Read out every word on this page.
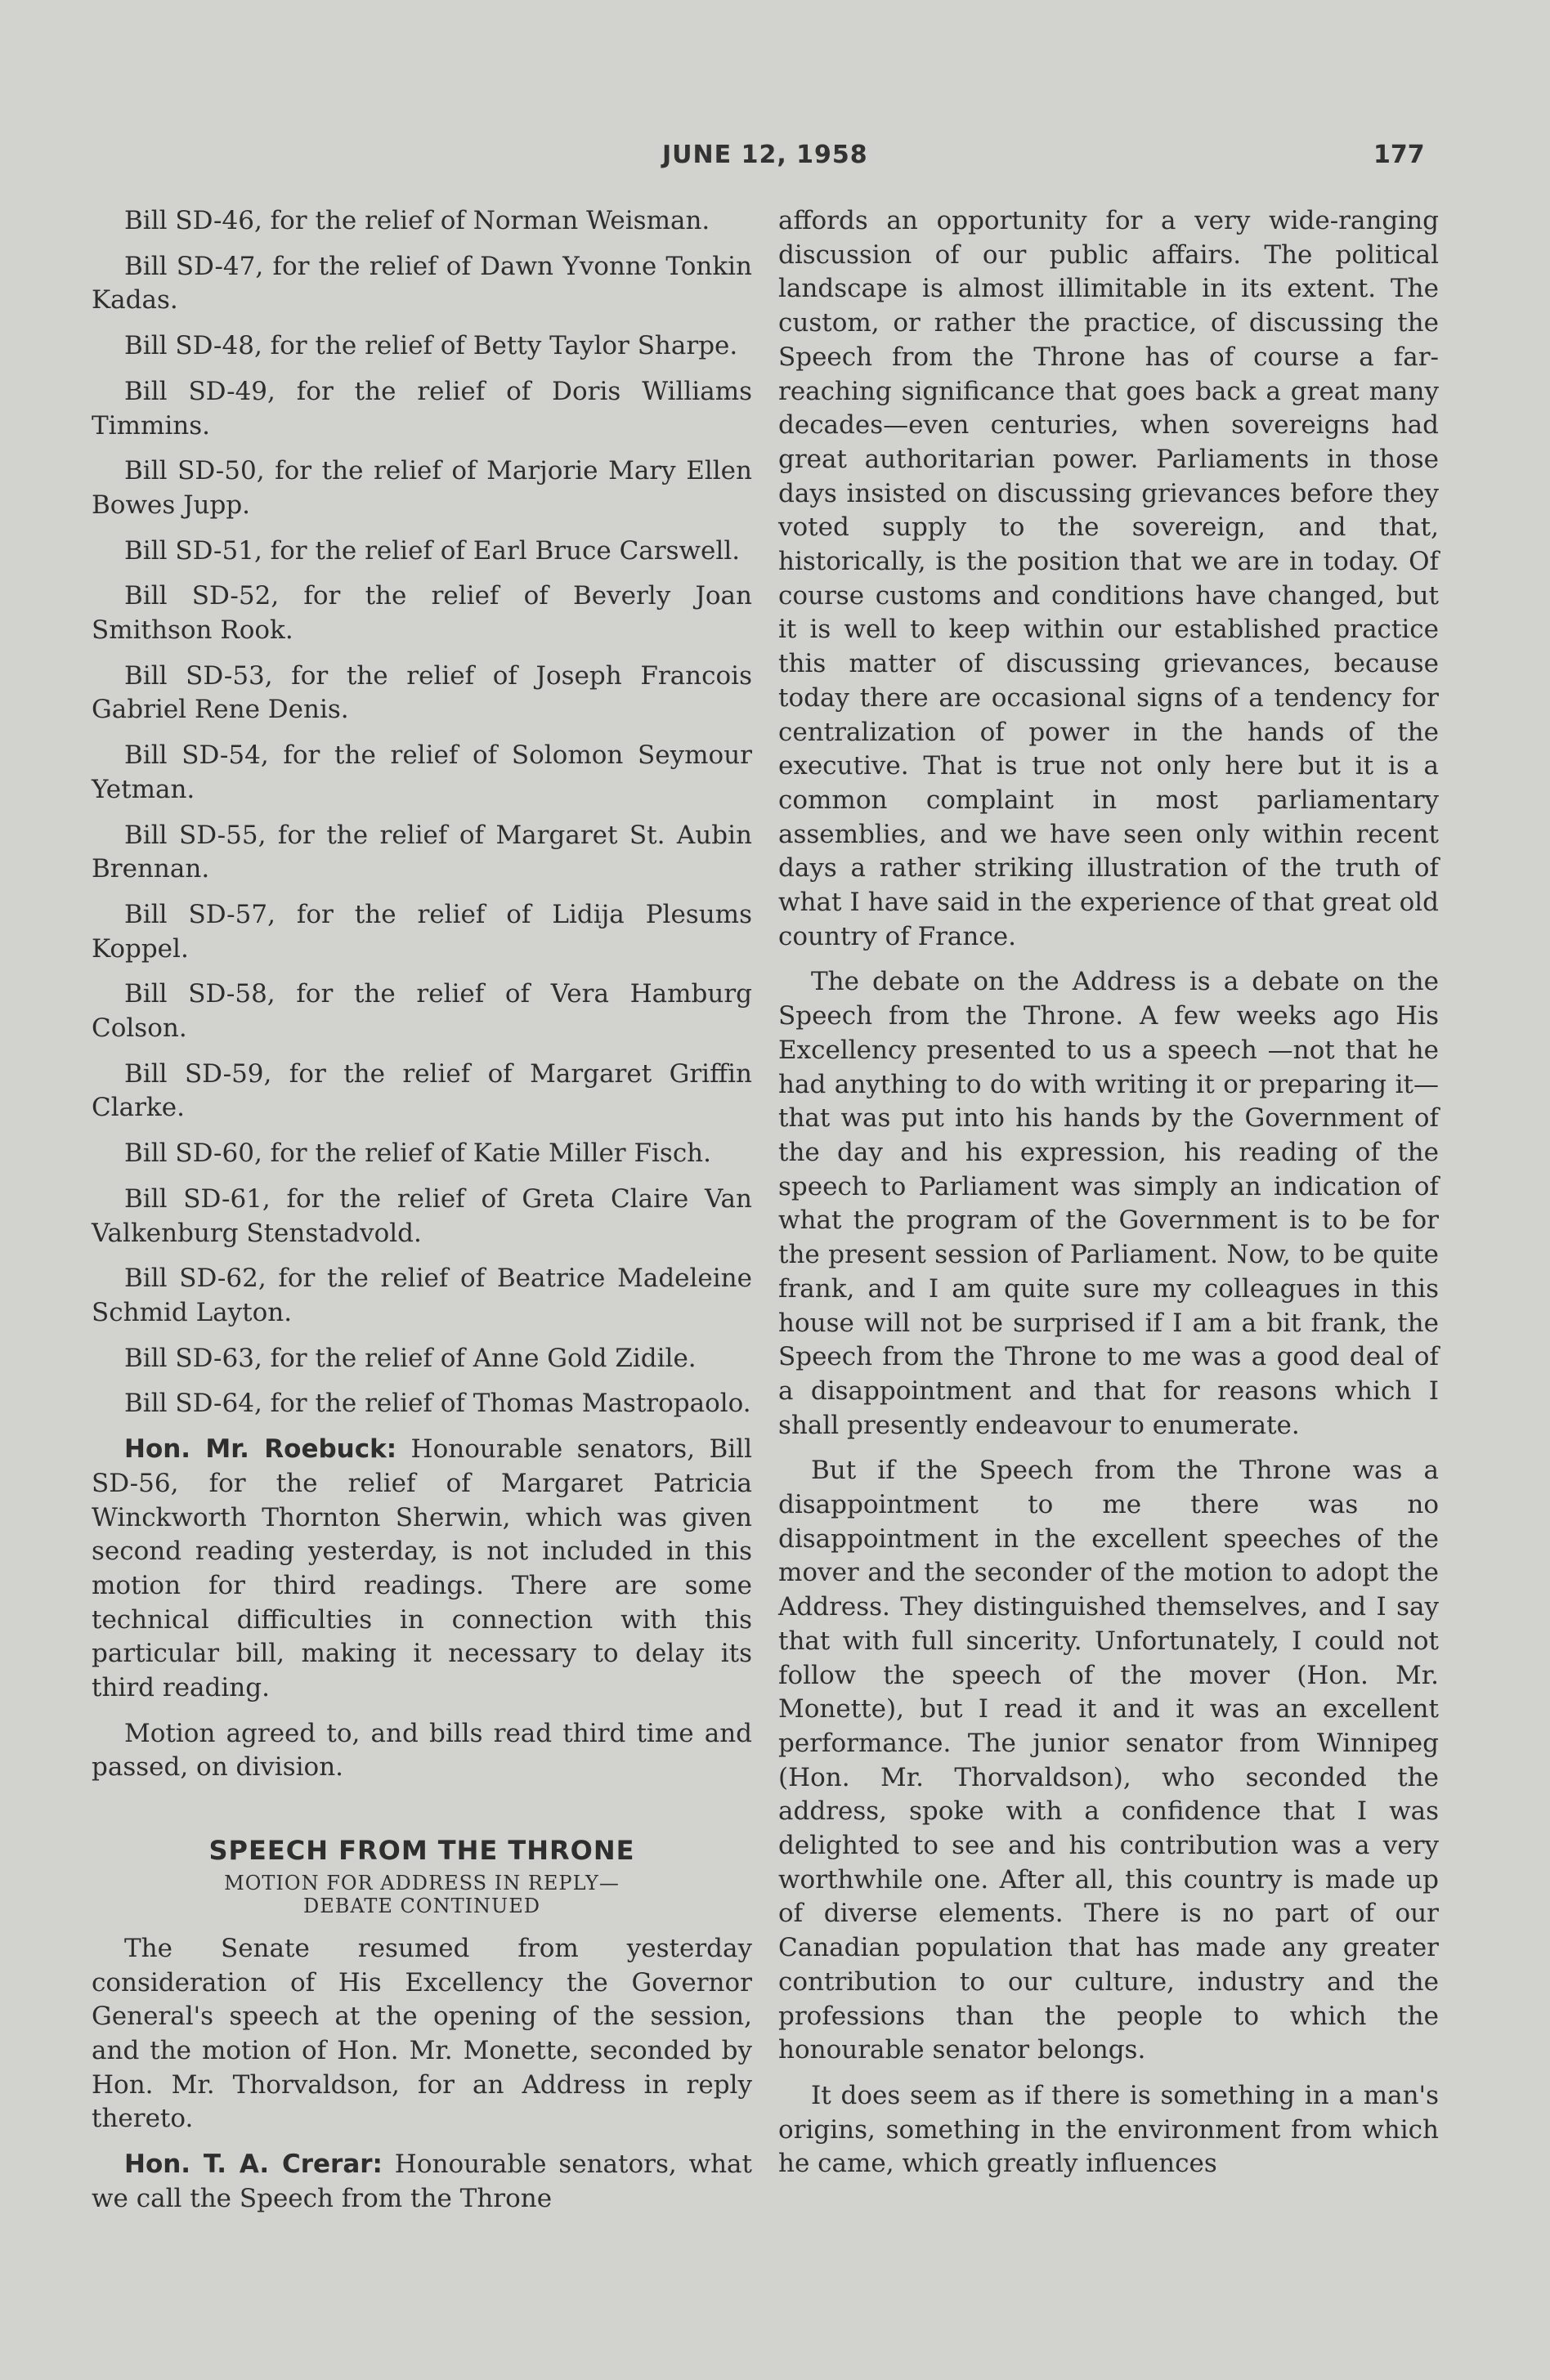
JUNE 12, 1958	177

Bill SD-46, for the relief of Norman Weisman.

Bill SD-47, for the relief of Dawn Yvonne Tonkin Kadas.

Bill SD-48, for the relief of Betty Taylor Sharpe.

Bill SD-49, for the relief of Doris Williams Timmins.

Bill SD-50, for the relief of Marjorie Mary Ellen Bowes Jupp.

Bill SD-51, for the relief of Earl Bruce Carswell.

Bill SD-52, for the relief of Beverly Joan Smithson Rook.

Bill SD-53, for the relief of Joseph Francois Gabriel Rene Denis.

Bill SD-54, for the relief of Solomon Seymour Yetman.

Bill SD-55, for the relief of Margaret St. Aubin Brennan.

Bill SD-57, for the relief of Lidija Plesums Koppel.

Bill SD-58, for the relief of Vera Hamburg Colson.

Bill SD-59, for the relief of Margaret Griffin Clarke.

Bill SD-60, for the relief of Katie Miller Fisch.

Bill SD-61, for the relief of Greta Claire Van Valkenburg Stenstadvold.

Bill SD-62, for the relief of Beatrice Madeleine Schmid Layton.

Bill SD-63, for the relief of Anne Gold Zidile.

Bill SD-64, for the relief of Thomas Mastropaolo.

Hon. Mr. Roebuck: Honourable senators, Bill SD-56, for the relief of Margaret Patricia Winckworth Thornton Sherwin, which was given second reading yesterday, is not included in this motion for third readings. There are some technical difficulties in connection with this particular bill, making it necessary to delay its third reading.

Motion agreed to, and bills read third time and passed, on division.

SPEECH FROM THE THRONE
MOTION FOR ADDRESS IN REPLY—
DEBATE CONTINUED

The Senate resumed from yesterday consideration of His Excellency the Governor General's speech at the opening of the session, and the motion of Hon. Mr. Monette, seconded by Hon. Mr. Thorvaldson, for an Address in reply thereto.

Hon. T. A. Crerar: Honourable senators, what we call the Speech from the Throne

affords an opportunity for a very wide-ranging discussion of our public affairs. The political landscape is almost illimitable in its extent. The custom, or rather the practice, of discussing the Speech from the Throne has of course a far-reaching significance that goes back a great many decades—even centuries, when sovereigns had great authoritarian power. Parliaments in those days insisted on discussing grievances before they voted supply to the sovereign, and that, historically, is the position that we are in today. Of course customs and conditions have changed, but it is well to keep within our established practice this matter of discussing grievances, because today there are occasional signs of a tendency for centralization of power in the hands of the executive. That is true not only here but it is a common complaint in most parliamentary assemblies, and we have seen only within recent days a rather striking illustration of the truth of what I have said in the experience of that great old country of France.

The debate on the Address is a debate on the Speech from the Throne. A few weeks ago His Excellency presented to us a speech —not that he had anything to do with writing it or preparing it—that was put into his hands by the Government of the day and his expression, his reading of the speech to Parliament was simply an indication of what the program of the Government is to be for the present session of Parliament. Now, to be quite frank, and I am quite sure my colleagues in this house will not be surprised if I am a bit frank, the Speech from the Throne to me was a good deal of a disappointment and that for reasons which I shall presently endeavour to enumerate.

But if the Speech from the Throne was a disappointment to me there was no disappointment in the excellent speeches of the mover and the seconder of the motion to adopt the Address. They distinguished themselves, and I say that with full sincerity. Unfortunately, I could not follow the speech of the mover (Hon. Mr. Monette), but I read it and it was an excellent performance. The junior senator from Winnipeg (Hon. Mr. Thorvaldson), who seconded the address, spoke with a confidence that I was delighted to see and his contribution was a very worthwhile one. After all, this country is made up of diverse elements. There is no part of our Canadian population that has made any greater contribution to our culture, industry and the professions than the people to which the honourable senator belongs.

It does seem as if there is something in a man's origins, something in the environment from which he came, which greatly influences
